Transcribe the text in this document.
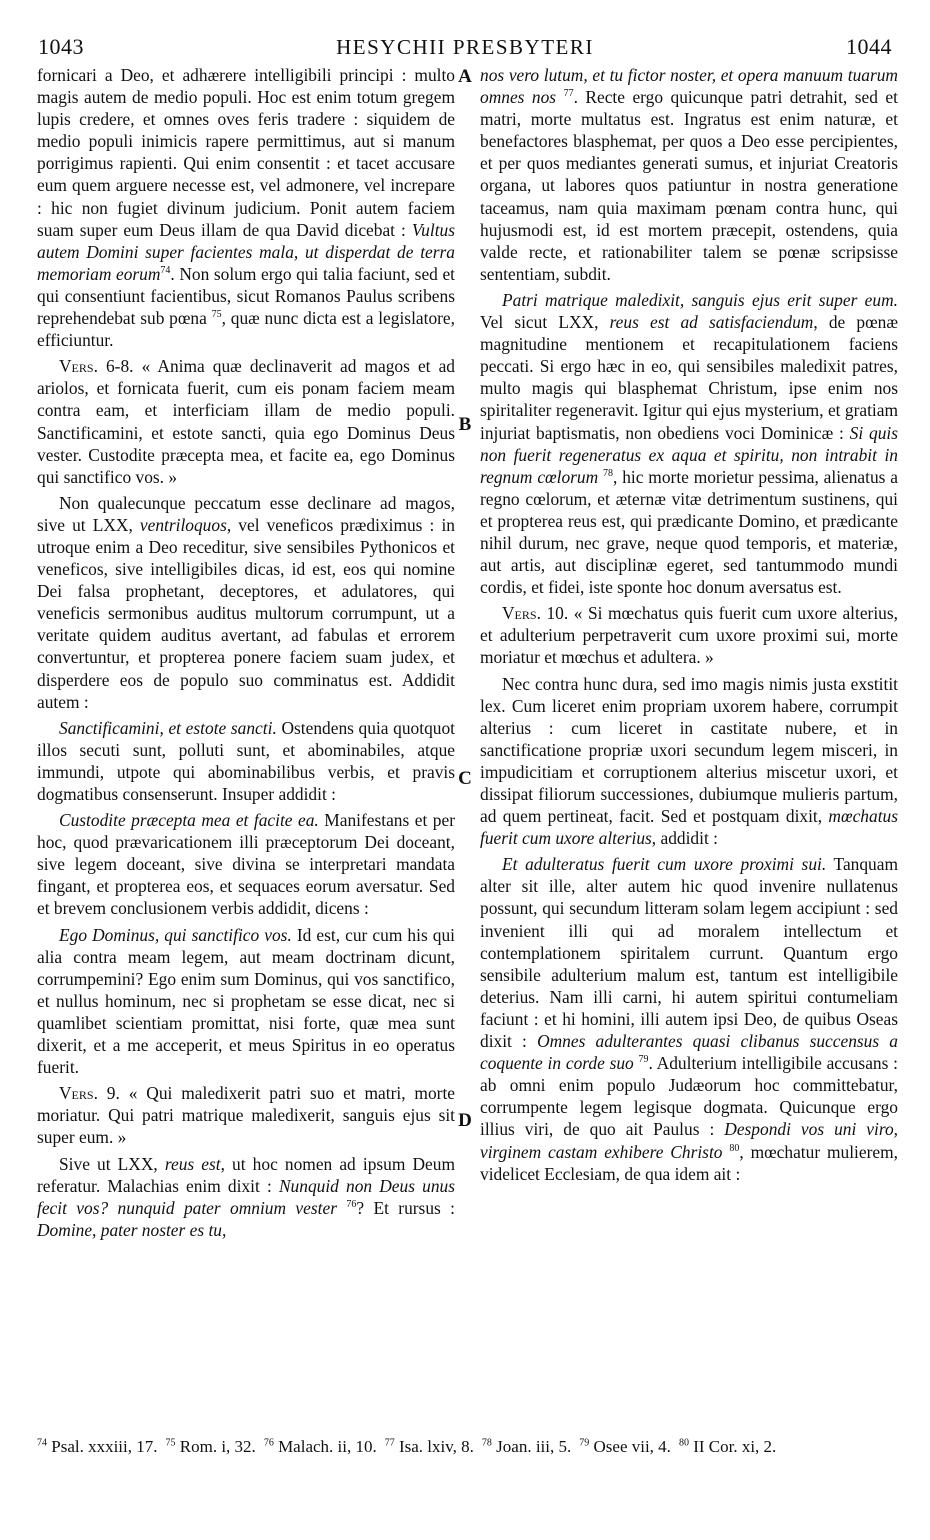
1043	HESYCHII PRESBYTERI	1044

fornicari a Deo, et adhærere intelligibili principi : multo magis autem de medio populi. Hoc est enim totum gregem lupis credere, et omnes oves feris tradere : siquidem de medio populi inimicis rapere permittimus, aut si manum porrigimus rapienti. Qui enim consentit : et tacet accusare eum quem arguere necesse est, vel admonere, vel increpare : hic non fugiet divinum judicium. Ponit autem faciem suam super eum Deus illam de qua David dicebat : Vultus autem Domini super facientes mala, ut disperdat de terra memoriam eorum$^{74}$. Non solum ergo qui talia faciunt, sed et qui consentiunt facientibus, sicut Romanos Paulus scribens reprehendebat sub pœna $^{75}$, quæ nunc dicta est a legislatore, efficiuntur.

Vers. 6-8. « Anima quæ declinaverit ad magos et ad ariolos, et fornicata fuerit, cum eis ponam faciem meam contra eam, et interficiam illam de medio populi. Sanctificamini, et estote sancti, quia ego Dominus Deus vester. Custodite præcepta mea, et facite ea, ego Dominus qui sanctifico vos. »

Non qualecunque peccatum esse declinare ad magos, sive ut LXX, ventriloquos, vel veneficos prædiximus : in utroque enim a Deo receditur, sive sensibiles Pythonicos et veneficos, sive intelligibiles dicas, id est, eos qui nomine Dei falsa prophetant, deceptores, et adulatores, qui veneficis sermonibus auditus multorum corrumpunt, ut a veritate quidem auditus avertant, ad fabulas et errorem convertuntur, et propterea ponere faciem suam judex, et disperdere eos de populo suo comminatus est. Addidit autem :

Sanctificamini, et estote sancti. Ostendens quia quotquot illos secuti sunt, polluti sunt, et abominabiles, atque immundi, utpote qui abominabilibus verbis, et pravis dogmatibus consenserunt. Insuper addidit :

Custodite præcepta mea et facite ea. Manifestans et per hoc, quod prævaricationem illi præceptorum Dei doceant, sive legem doceant, sive divina se interpretari mandata fingant, et propterea eos, et sequaces eorum aversatur. Sed et brevem conclusionem verbis addidit, dicens :

Ego Dominus, qui sanctifico vos. Id est, cur cum his qui alia contra meam legem, aut meam doctrinam dicunt, corrumpemini? Ego enim sum Dominus, qui vos sanctifico, et nullus hominum, nec si prophetam se esse dicat, nec si quamlibet scientiam promittat, nisi forte, quæ mea sunt dixerit, et a me acceperit, et meus Spiritus in eo operatus fuerit.

Vers. 9. « Qui maledixerit patri suo et matri, morte moriatur. Qui patri matrique maledixerit, sanguis ejus sit super eum. »

Sive ut LXX, reus est, ut hoc nomen ad ipsum Deum referatur. Malachias enim dixit : Nunquid non Deus unus fecit vos? nunquid pater omnium vester $^{76}$? Et rursus : Domine, pater noster es tu,

nos vero lutum, et tu fictor noster, et opera manuum tuarum omnes nos $^{77}$. Recte ergo quicunque patri detrahit, sed et matri, morte multatus est. Ingratus est enim naturæ, et benefactores blasphemat, per quos a Deo esse percipientes, et per quos mediantes generati sumus, et injuriat Creatoris organa, ut labores quos patiuntur in nostra generatione taceamus, nam quia maximam pœnam contra hunc, qui hujusmodi est, id est mortem præcepit, ostendens, quia valde recte, et rationabiliter talem se pœnæ scripsisse sententiam, subdit.

Patri matrique maledixit, sanguis ejus erit super eum. Vel sicut LXX, reus est ad satisfaciendum, de pœnæ magnitudine mentionem et recapitulationem faciens peccati. Si ergo hæc in eo, qui sensibiles maledixit patres, multo magis qui blasphemat Christum, ipse enim nos spiritaliter regeneravit. Igitur qui ejus mysterium, et gratiam injuriat baptismatis, non obediens voci Dominicæ : Si quis non fuerit regeneratus ex aqua et spiritu, non intrabit in regnum cœlorum $^{78}$, hic morte morietur pessima, alienatus a regno cœlorum, et æternæ vitæ detrimentum sustinens, qui et propterea reus est, qui prædicante Domino, et prædicante nihil durum, nec grave, neque quod temporis, et materiæ, aut artis, aut disciplinæ egeret, sed tantummodo mundi cordis, et fidei, iste sponte hoc donum aversatus est.

Vers. 10. « Si mœchatus quis fuerit cum uxore alterius, et adulterium perpetraverit cum uxore proximi sui, morte moriatur et mœchus et adultera. »

Nec contra hunc dura, sed imo magis nimis justa exstitit lex. Cum liceret enim propriam uxorem habere, corrumpit alterius : cum liceret in castitate nubere, et in sanctificatione propriæ uxori secundum legem misceri, in impudicitiam et corruptionem alterius miscetur uxori, et dissipat filiorum successiones, dubiumque mulieris partum, ad quem pertineat, facit. Sed et postquam dixit, mœchatus fuerit cum uxore alterius, addidit :

Et adulteratus fuerit cum uxore proximi sui. Tanquam alter sit ille, alter autem hic quod invenire nullatenus possunt, qui secundum litteram solam legem accipiunt : sed invenient illi qui ad moralem intellectum et contemplationem spiritalem currunt. Quantum ergo sensibile adulterium malum est, tantum est intelligibile deterius. Nam illi carni, hi autem spiritui contumeliam faciunt : et hi homini, illi autem ipsi Deo, de quibus Oseas dixit : Omnes adulterantes quasi clibanus succensus a coquente in corde suo $^{79}$. Adulterium intelligibile accusans : ab omni enim populo Judæorum hoc committebatur, corrumpente legem legisque dogmata. Quicunque ergo illius viri, de quo ait Paulus : Despondi vos uni viro, virginem castam exhibere Christo $^{80}$, mœchatur mulierem, videlicet Ecclesiam, de qua idem ait :

A
B
C
D
$^{74}$ Psal. xxxiii, 17. $^{75}$ Rom. i, 32. $^{76}$ Malach. ii, 10. $^{77}$ Isa. lxiv, 8. $^{78}$ Joan. iii, 5. $^{79}$ Osee vii, 4. $^{80}$ II Cor. xi, 2.
